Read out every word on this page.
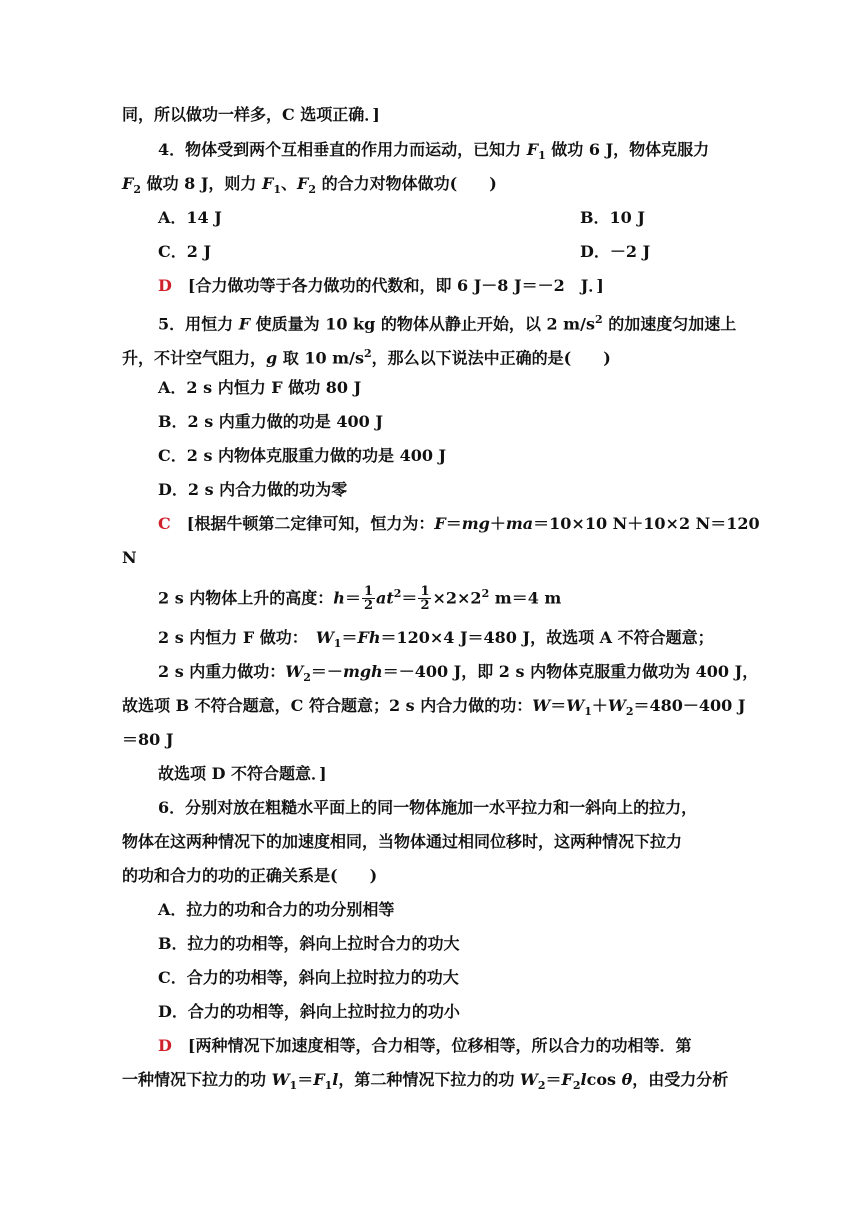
同，所以做功一样多，C 选项正确．]
4．物体受到两个互相垂直的作用力而运动，已知力 $F_1$ 做功 6 J，物体克服力
$F_2$ 做功 8 J，则力 $F_1$、$F_2$ 的合力对物体做功(　　)
A．14 J	B．10 J
C．2 J	D．－2 J
D　 [合力做功等于各力做功的代数和，即 6 J－8 J＝－2　J．]
5．用恒力 F 使质量为 10 kg 的物体从静止开始，以 2 $m/s^2$ 的加速度匀加速上
升，不计空气阻力，g 取 10 $m/s^2$，那么以下说法中正确的是(　　)
A．2 s 内恒力 F 做功 80 J
B．2 s 内重力做的功是 400 J
C．2 s 内物体克服重力做的功是 400 J
D．2 s 内合力做的功为零
C　 [根据牛顿第二定律可知，恒力为：F＝mg＋ma＝10×10 N＋10×2 N＝120
N
2 s 内物体上升的高度：$h= \frac{1}{2} at^2= \frac{1}{2} \times 2\times 2^2$ m＝4 m
2 s 内恒力 F 做功：　 $W_1=Fh=120\times 4$ J＝480 J，故选项 A 不符合题意；
2 s 内重力做功：$W_2=-mgh=-400$ J，即 2 s 内物体克服重力做功为 400 J，
故选项 B 不符合题意，C 符合题意；2 s 内合力做的功：$W=W_1+W_2=480-400$ J
＝80 J
故选项 D 不符合题意．]
6．分别对放在粗糙水平面上的同一物体施加一水平拉力和一斜向上的拉力，
物体在这两种情况下的加速度相同，当物体通过相同位移时，这两种情况下拉力
的功和合力的功的正确关系是(　　)
A．拉力的功和合力的功分别相等
B．拉力的功相等，斜向上拉时合力的功大
C．合力的功相等，斜向上拉时拉力的功大
D．合力的功相等，斜向上拉时拉力的功小
D　 [两种情况下加速度相等，合力相等，位移相等，所以合力的功相等．第
一种情况下拉力的功 $W_1=F_1l$，第二种情况下拉力的功 $W_2=F_2lcos$ θ，由受力分析
